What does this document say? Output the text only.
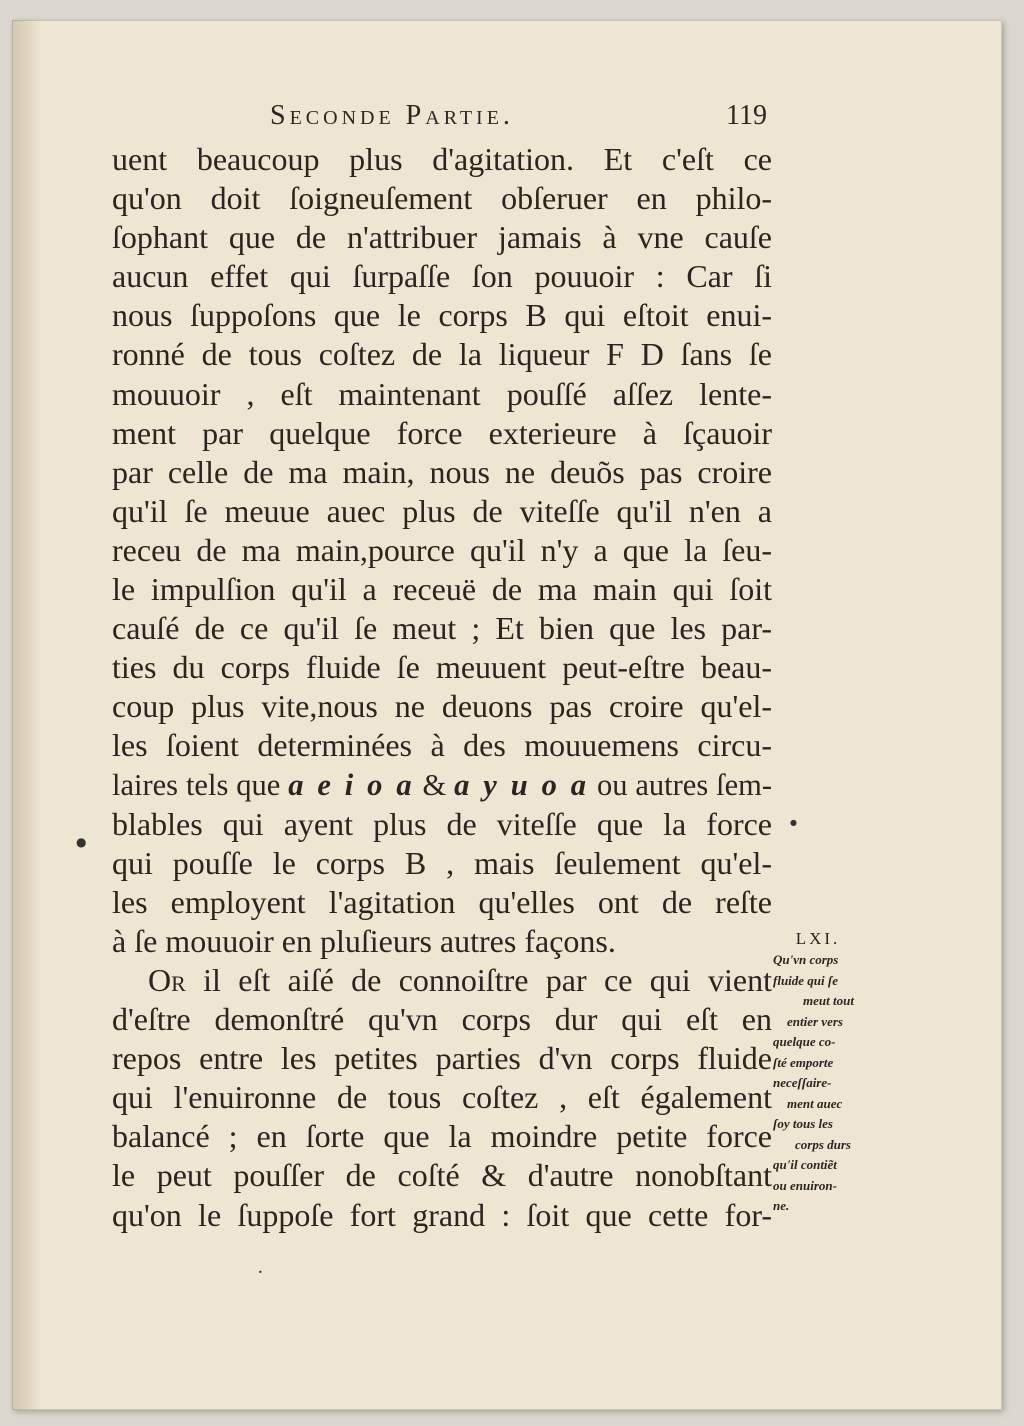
Seconde Partie.	119
uent beaucoup plus d'agitation. Et c'eſt ce
qu'on doit ſoigneuſement obſeruer en philo-
ſophant que de n'attribuer jamais à vne cauſe
aucun effet qui ſurpaſſe ſon pouuoir : Car ſi
nous ſuppoſons que le corps B qui eſtoit enui-
ronné de tous coſtez de la liqueur F D ſans ſe
mouuoir , eſt maintenant pouſſé aſſez lente-
ment par quelque force exterieure à ſçauoir
par celle de ma main, nous ne deuõs pas croire
qu'il ſe meuue auec plus de viteſſe qu'il n'en a
receu de ma main,pource qu'il n'y a que la ſeu-
le impulſion qu'il a receuë de ma main qui ſoit
cauſé de ce qu'il ſe meut ; Et bien que les par-
ties du corps fluide ſe meuuent peut-eſtre beau-
coup plus vite,nous ne deuons pas croire qu'el-
les ſoient determinées à des mouuemens circu-
laires tels que a e i o a & a y u o a ou autres ſem-
blables qui ayent plus de viteſſe que la force
qui pouſſe le corps B , mais ſeulement qu'el-
les employent l'agitation qu'elles ont de reſte
à ſe mouuoir en pluſieurs autres façons.
Or il eſt aiſé de connoiſtre par ce qui vient
d'eſtre demonſtré qu'vn corps dur qui eſt en
repos entre les petites parties d'vn corps fluide
qui l'enuironne de tous coſtez , eſt également
balancé ; en ſorte que la moindre petite force
le peut pouſſer de coſté & d'autre nonobſtant
qu'on le ſuppoſe fort grand : ſoit que cette for-
LXI.
Qu'vn corps
fluide qui ſe
meut tout
entier vers
quelque co-
ſté emporte
neceſſaire-
ment auec
ſoy tous les
corps durs
qu'il contiẽt
ou enuiron-
ne.
●
●
•
